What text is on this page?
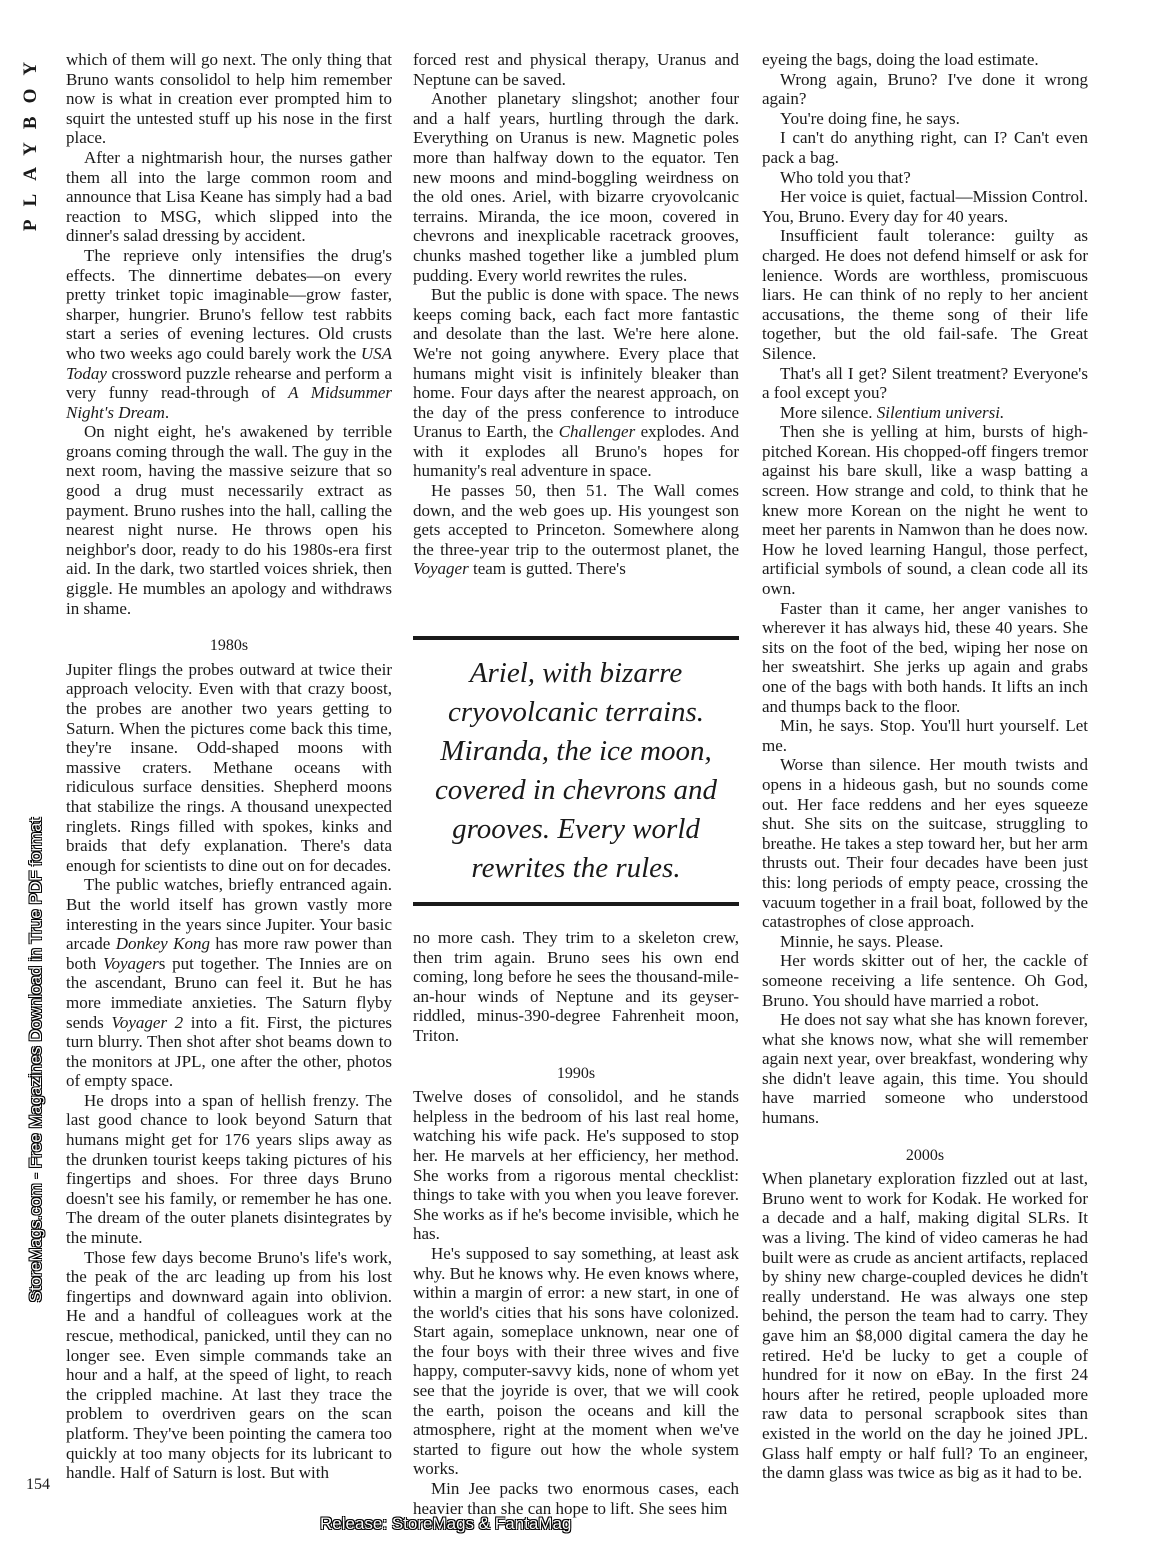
PLAYBOY
StoreMags.com - Free Magazines Download in True PDF format
154

which of them will go next. The only thing that Bruno wants consolidol to help him remember now is what in creation ever prompted him to squirt the untested stuff up his nose in the first place.

After a nightmarish hour, the nurses gather them all into the large common room and announce that Lisa Keane has simply had a bad reaction to MSG, which slipped into the dinner's salad dressing by accident.

The reprieve only intensifies the drug's effects. The dinnertime debates—on every pretty trinket topic imaginable—grow faster, sharper, hungrier. Bruno's fellow test rabbits start a series of evening lectures. Old crusts who two weeks ago could barely work the USA Today crossword puzzle rehearse and perform a very funny read-through of A Midsummer Night's Dream.

On night eight, he's awakened by terrible groans coming through the wall. The guy in the next room, having the massive seizure that so good a drug must necessarily extract as payment. Bruno rushes into the hall, calling the nearest night nurse. He throws open his neighbor's door, ready to do his 1980s-era first aid. In the dark, two startled voices shriek, then giggle. He mumbles an apology and withdraws in shame.

1980s

Jupiter flings the probes outward at twice their approach velocity. Even with that crazy boost, the probes are another two years getting to Saturn. When the pictures come back this time, they're insane. Odd-shaped moons with massive craters. Methane oceans with ridiculous surface densities. Shepherd moons that stabilize the rings. A thousand unexpected ringlets. Rings filled with spokes, kinks and braids that defy explanation. There's data enough for scientists to dine out on for decades.

The public watches, briefly entranced again. But the world itself has grown vastly more interesting in the years since Jupiter. Your basic arcade Donkey Kong has more raw power than both Voyagers put together. The Innies are on the ascendant, Bruno can feel it. But he has more immediate anxieties. The Saturn flyby sends Voyager 2 into a fit. First, the pictures turn blurry. Then shot after shot beams down to the monitors at JPL, one after the other, photos of empty space.

He drops into a span of hellish frenzy. The last good chance to look beyond Saturn that humans might get for 176 years slips away as the drunken tourist keeps taking pictures of his fingertips and shoes. For three days Bruno doesn't see his family, or remember he has one. The dream of the outer planets disintegrates by the minute.

Those few days become Bruno's life's work, the peak of the arc leading up from his lost fingertips and downward again into oblivion. He and a handful of colleagues work at the rescue, methodical, panicked, until they can no longer see. Even simple commands take an hour and a half, at the speed of light, to reach the crippled machine. At last they trace the problem to overdriven gears on the scan platform. They've been pointing the camera too quickly at too many objects for its lubricant to handle. Half of Saturn is lost. But with

forced rest and physical therapy, Uranus and Neptune can be saved.

Another planetary slingshot; another four and a half years, hurtling through the dark. Everything on Uranus is new. Magnetic poles more than halfway down to the equator. Ten new moons and mind-boggling weirdness on the old ones. Ariel, with bizarre cryovolcanic terrains. Miranda, the ice moon, covered in chevrons and inexplicable racetrack grooves, chunks mashed together like a jumbled plum pudding. Every world rewrites the rules.

But the public is done with space. The news keeps coming back, each fact more fantastic and desolate than the last. We're here alone. We're not going anywhere. Every place that humans might visit is infinitely bleaker than home. Four days after the nearest approach, on the day of the press conference to introduce Uranus to Earth, the Challenger explodes. And with it explodes all Bruno's hopes for humanity's real adventure in space.

He passes 50, then 51. The Wall comes down, and the web goes up. His youngest son gets accepted to Princeton. Somewhere along the three-year trip to the outermost planet, the Voyager team is gutted. There's

Ariel, with bizarre cryovolcanic terrains. Miranda, the ice moon, covered in chevrons and grooves. Every world rewrites the rules.

no more cash. They trim to a skeleton crew, then trim again. Bruno sees his own end coming, long before he sees the thousand-mile-an-hour winds of Neptune and its geyser-riddled, minus-390-degree Fahrenheit moon, Triton.

1990s

Twelve doses of consolidol, and he stands helpless in the bedroom of his last real home, watching his wife pack. He's supposed to stop her. He marvels at her efficiency, her method. She works from a rigorous mental checklist: things to take with you when you leave forever. She works as if he's become invisible, which he has.

He's supposed to say something, at least ask why. But he knows why. He even knows where, within a margin of error: a new start, in one of the world's cities that his sons have colonized. Start again, someplace unknown, near one of the four boys with their three wives and five happy, computer-savvy kids, none of whom yet see that the joyride is over, that we will cook the earth, poison the oceans and kill the atmosphere, right at the moment when we've started to figure out how the whole system works.

Min Jee packs two enormous cases, each heavier than she can hope to lift. She sees him

eyeing the bags, doing the load estimate.

Wrong again, Bruno? I've done it wrong again?

You're doing fine, he says.

I can't do anything right, can I? Can't even pack a bag.

Who told you that?

Her voice is quiet, factual—Mission Control. You, Bruno. Every day for 40 years.

Insufficient fault tolerance: guilty as charged. He does not defend himself or ask for lenience. Words are worthless, promiscuous liars. He can think of no reply to her ancient accusations, the theme song of their life together, but the old fail-safe. The Great Silence.

That's all I get? Silent treatment? Everyone's a fool except you?

More silence. Silentium universi.

Then she is yelling at him, bursts of high-pitched Korean. His chopped-off fingers tremor against his bare skull, like a wasp batting a screen. How strange and cold, to think that he knew more Korean on the night he went to meet her parents in Namwon than he does now. How he loved learning Hangul, those perfect, artificial symbols of sound, a clean code all its own.

Faster than it came, her anger vanishes to wherever it has always hid, these 40 years. She sits on the foot of the bed, wiping her nose on her sweatshirt. She jerks up again and grabs one of the bags with both hands. It lifts an inch and thumps back to the floor.

Min, he says. Stop. You'll hurt yourself. Let me.

Worse than silence. Her mouth twists and opens in a hideous gash, but no sounds come out. Her face reddens and her eyes squeeze shut. She sits on the suitcase, struggling to breathe. He takes a step toward her, but her arm thrusts out. Their four decades have been just this: long periods of empty peace, crossing the vacuum together in a frail boat, followed by the catastrophes of close approach.

Minnie, he says. Please.

Her words skitter out of her, the cackle of someone receiving a life sentence. Oh God, Bruno. You should have married a robot.

He does not say what she has known forever, what she knows now, what she will remember again next year, over breakfast, wondering why she didn't leave again, this time. You should have married someone who understood humans.

2000s

When planetary exploration fizzled out at last, Bruno went to work for Kodak. He worked for a decade and a half, making digital SLRs. It was a living. The kind of video cameras he had built were as crude as ancient artifacts, replaced by shiny new charge-coupled devices he didn't really understand. He was always one step behind, the person the team had to carry. They gave him an $8,000 digital camera the day he retired. He'd be lucky to get a couple of hundred for it now on eBay. In the first 24 hours after he retired, people uploaded more raw data to personal scrapbook sites than existed in the world on the day he joined JPL. Glass half empty or half full? To an engineer, the damn glass was twice as big as it had to be.

Release: StoreMags & FantaMag
